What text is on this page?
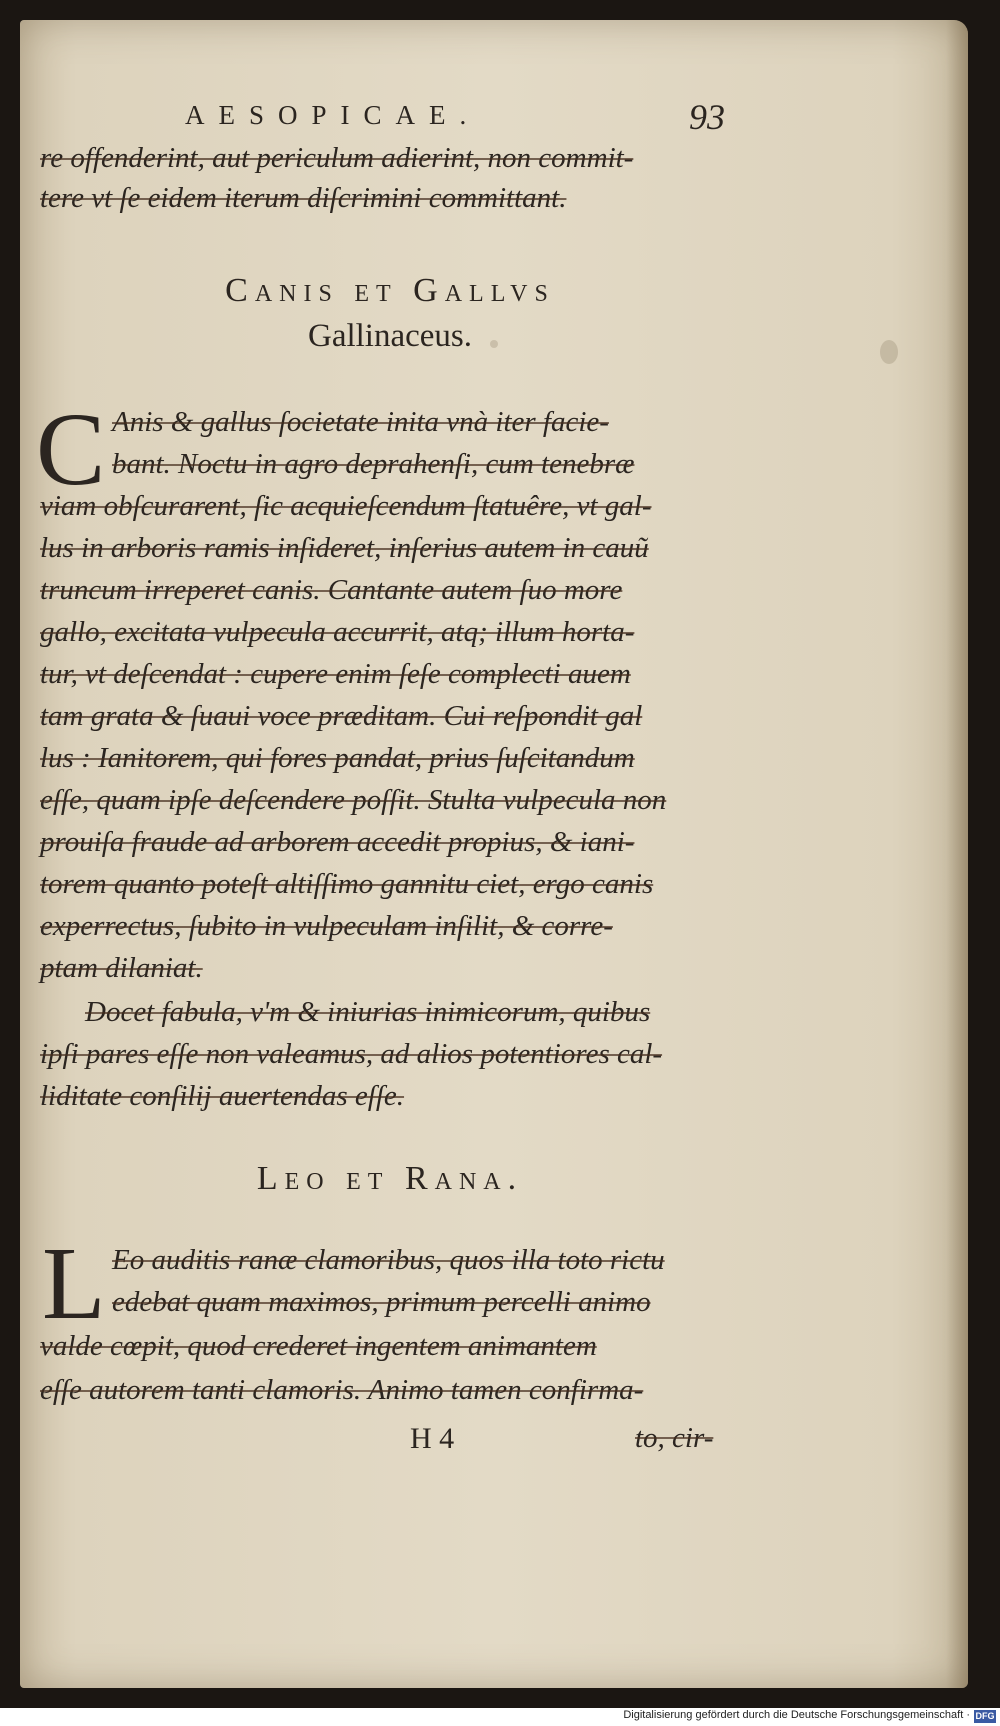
AESOPICAE.	93
re offenderint, aut periculum adierint, non commit-
tere vt ſe eidem iterum diſcrimini committant.
Canis et Gallvs
Gallinaceus.
C Anis & gallus ſocietate inita vnà iter facie-
bant. Noctu in agro deprahenſi, cum tenebræ
viam obſcurarent, ſic acquieſcendum ſtatuêre, vt gal-
lus in arboris ramis inſideret, inſerius autem in cauũ
truncum irreperet canis. Cantante autem ſuo more
gallo, excitata vulpecula accurrit, atq; illum horta-
tur, vt deſcendat : cupere enim ſeſe complecti auem
tam grata & ſuaui voce præditam. Cui reſpondit gal
lus : Ianitorem, qui fores pandat, prius ſuſcitandum
eſſe, quam ipſe deſcendere poſſit. Stulta vulpecula non
prouiſa fraude ad arborem accedit propius, & iani-
torem quanto poteſt altiſſimo gannitu ciet, ergo canis
experrectus, ſubito in vulpeculam inſilit, & corre-
ptam dilaniat.
Docet fabula, v'm & iniurias inimicorum, quibus
ipſi pares eſſe non valeamus, ad alios potentiores cal-
liditate conſilij auertendas eſſe.
Leo et Rana.
L Eo auditis ranæ clamoribus, quos illa toto rictu
edebat quam maximos, primum percelli animo
valde cœpit, quod crederet ingentem animantem
eſſe autorem tanti clamoris. Animo tamen confirma-
H 4	to, cir-
Digitalisierung gefördert durch die Deutsche Forschungsgemeinschaft · DFG
